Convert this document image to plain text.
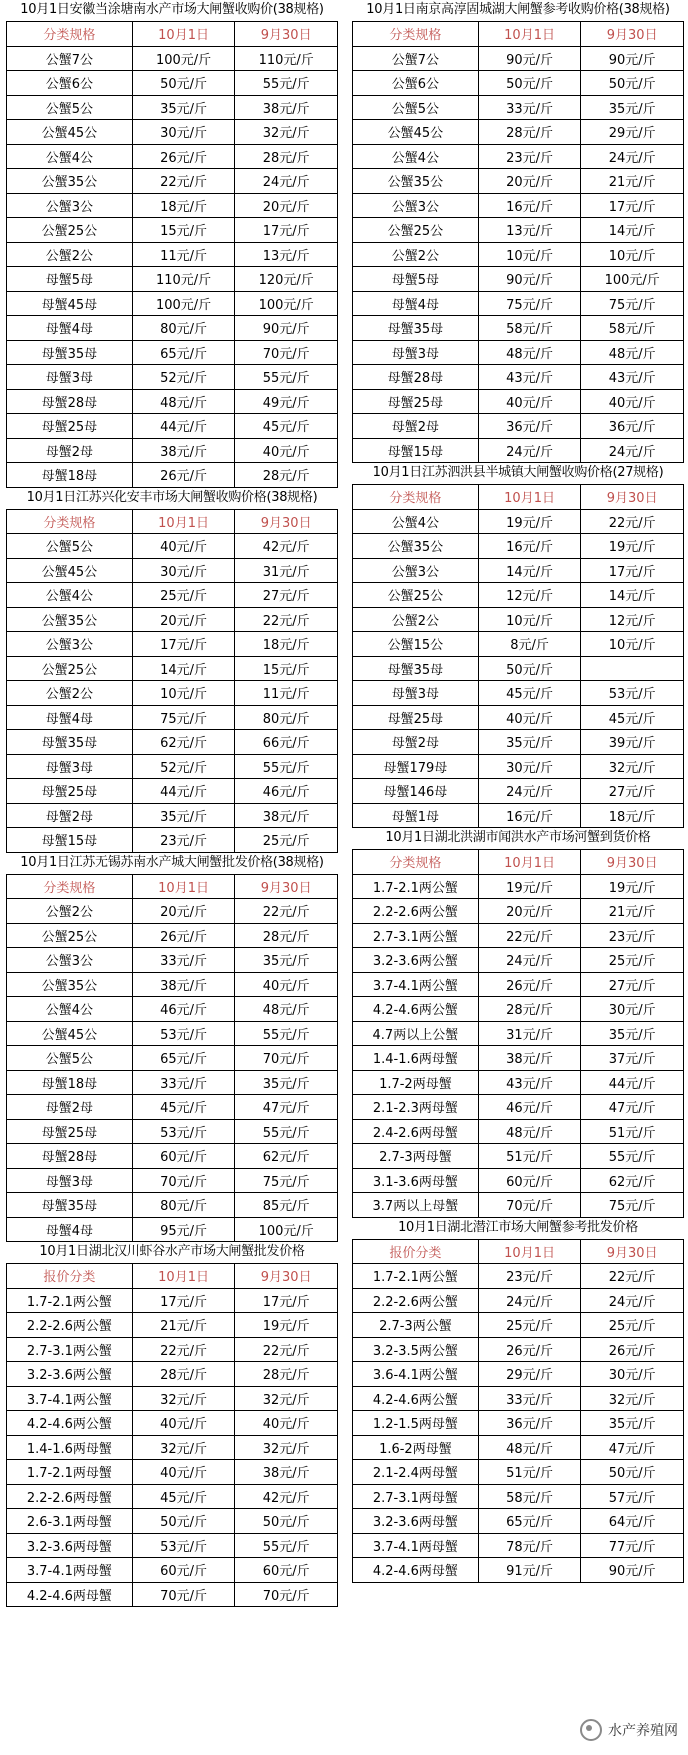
10月1日安徽当涂塘南水产市场大闸蟹收购价(38规格)
分类规格	10月1日	9月30日
公蟹7公	100元/斤	110元/斤
公蟹6公	50元/斤	55元/斤
公蟹5公	35元/斤	38元/斤
公蟹45公	30元/斤	32元/斤
公蟹4公	26元/斤	28元/斤
公蟹35公	22元/斤	24元/斤
公蟹3公	18元/斤	20元/斤
公蟹25公	15元/斤	17元/斤
公蟹2公	11元/斤	13元/斤
母蟹5母	110元/斤	120元/斤
母蟹45母	100元/斤	100元/斤
母蟹4母	80元/斤	90元/斤
母蟹35母	65元/斤	70元/斤
母蟹3母	52元/斤	55元/斤
母蟹28母	48元/斤	49元/斤
母蟹25母	44元/斤	45元/斤
母蟹2母	38元/斤	40元/斤
母蟹18母	26元/斤	28元/斤
10月1日江苏兴化安丰市场大闸蟹收购价格(38规格)
分类规格	10月1日	9月30日
公蟹5公	40元/斤	42元/斤
公蟹45公	30元/斤	31元/斤
公蟹4公	25元/斤	27元/斤
公蟹35公	20元/斤	22元/斤
公蟹3公	17元/斤	18元/斤
公蟹25公	14元/斤	15元/斤
公蟹2公	10元/斤	11元/斤
母蟹4母	75元/斤	80元/斤
母蟹35母	62元/斤	66元/斤
母蟹3母	52元/斤	55元/斤
母蟹25母	44元/斤	46元/斤
母蟹2母	35元/斤	38元/斤
母蟹15母	23元/斤	25元/斤
10月1日江苏无锡苏南水产城大闸蟹批发价格(38规格)
分类规格	10月1日	9月30日
公蟹2公	20元/斤	22元/斤
公蟹25公	26元/斤	28元/斤
公蟹3公	33元/斤	35元/斤
公蟹35公	38元/斤	40元/斤
公蟹4公	46元/斤	48元/斤
公蟹45公	53元/斤	55元/斤
公蟹5公	65元/斤	70元/斤
母蟹18母	33元/斤	35元/斤
母蟹2母	45元/斤	47元/斤
母蟹25母	53元/斤	55元/斤
母蟹28母	60元/斤	62元/斤
母蟹3母	70元/斤	75元/斤
母蟹35母	80元/斤	85元/斤
母蟹4母	95元/斤	100元/斤
10月1日湖北汉川虾谷水产市场大闸蟹批发价格
报价分类	10月1日	9月30日
1.7-2.1两公蟹	17元/斤	17元/斤
2.2-2.6两公蟹	21元/斤	19元/斤
2.7-3.1两公蟹	22元/斤	22元/斤
3.2-3.6两公蟹	28元/斤	28元/斤
3.7-4.1两公蟹	32元/斤	32元/斤
4.2-4.6两公蟹	40元/斤	40元/斤
1.4-1.6两母蟹	32元/斤	32元/斤
1.7-2.1两母蟹	40元/斤	38元/斤
2.2-2.6两母蟹	45元/斤	42元/斤
2.6-3.1两母蟹	50元/斤	50元/斤
3.2-3.6两母蟹	53元/斤	55元/斤
3.7-4.1两母蟹	60元/斤	60元/斤
4.2-4.6两母蟹	70元/斤	70元/斤
10月1日南京高淳固城湖大闸蟹参考收购价格(38规格)
分类规格	10月1日	9月30日
公蟹7公	90元/斤	90元/斤
公蟹6公	50元/斤	50元/斤
公蟹5公	33元/斤	35元/斤
公蟹45公	28元/斤	29元/斤
公蟹4公	23元/斤	24元/斤
公蟹35公	20元/斤	21元/斤
公蟹3公	16元/斤	17元/斤
公蟹25公	13元/斤	14元/斤
公蟹2公	10元/斤	10元/斤
母蟹5母	90元/斤	100元/斤
母蟹4母	75元/斤	75元/斤
母蟹35母	58元/斤	58元/斤
母蟹3母	48元/斤	48元/斤
母蟹28母	43元/斤	43元/斤
母蟹25母	40元/斤	40元/斤
母蟹2母	36元/斤	36元/斤
母蟹15母	24元/斤	24元/斤
10月1日江苏泗洪县半城镇大闸蟹收购价格(27规格)
分类规格	10月1日	9月30日
公蟹4公	19元/斤	22元/斤
公蟹35公	16元/斤	19元/斤
公蟹3公	14元/斤	17元/斤
公蟹25公	12元/斤	14元/斤
公蟹2公	10元/斤	12元/斤
公蟹15公	8元/斤	10元/斤
母蟹35母	50元/斤	
母蟹3母	45元/斤	53元/斤
母蟹25母	40元/斤	45元/斤
母蟹2母	35元/斤	39元/斤
母蟹179母	30元/斤	32元/斤
母蟹146母	24元/斤	27元/斤
母蟹1母	16元/斤	18元/斤
10月1日湖北洪湖市闻洪水产市场河蟹到货价格
分类规格	10月1日	9月30日
1.7-2.1两公蟹	19元/斤	19元/斤
2.2-2.6两公蟹	20元/斤	21元/斤
2.7-3.1两公蟹	22元/斤	23元/斤
3.2-3.6两公蟹	24元/斤	25元/斤
3.7-4.1两公蟹	26元/斤	27元/斤
4.2-4.6两公蟹	28元/斤	30元/斤
4.7两以上公蟹	31元/斤	35元/斤
1.4-1.6两母蟹	38元/斤	37元/斤
1.7-2两母蟹	43元/斤	44元/斤
2.1-2.3两母蟹	46元/斤	47元/斤
2.4-2.6两母蟹	48元/斤	51元/斤
2.7-3两母蟹	51元/斤	55元/斤
3.1-3.6两母蟹	60元/斤	62元/斤
3.7两以上母蟹	70元/斤	75元/斤
10月1日湖北潜江市场大闸蟹参考批发价格
报价分类	10月1日	9月30日
1.7-2.1两公蟹	23元/斤	22元/斤
2.2-2.6两公蟹	24元/斤	24元/斤
2.7-3两公蟹	25元/斤	25元/斤
3.2-3.5两公蟹	26元/斤	26元/斤
3.6-4.1两公蟹	29元/斤	30元/斤
4.2-4.6两公蟹	33元/斤	32元/斤
1.2-1.5两母蟹	36元/斤	35元/斤
1.6-2两母蟹	48元/斤	47元/斤
2.1-2.4两母蟹	51元/斤	50元/斤
2.7-3.1两母蟹	58元/斤	57元/斤
3.2-3.6两母蟹	65元/斤	64元/斤
3.7-4.1两母蟹	78元/斤	77元/斤
4.2-4.6两母蟹	91元/斤	90元/斤
水产养殖网
